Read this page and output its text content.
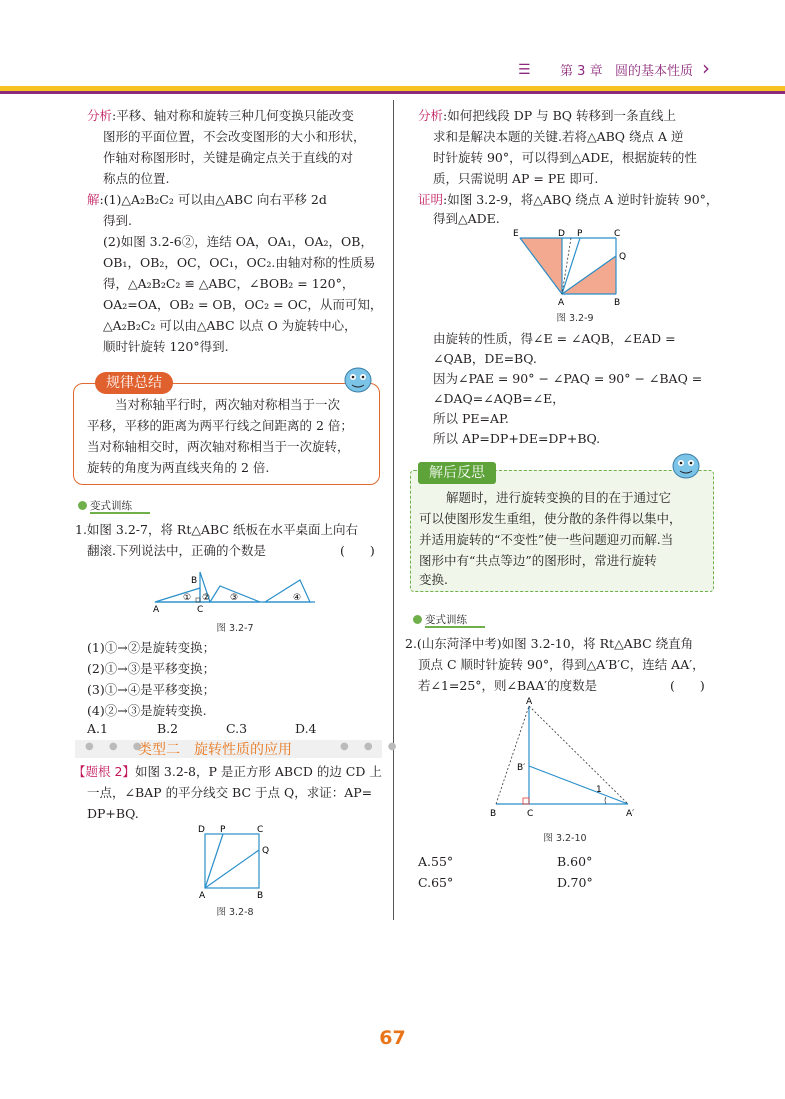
☰ 第 3 章 圆的基本性质 ›
分析:平移、轴对称和旋转三种几何变换只能改变
图形的平面位置，不会改变图形的大小和形状，
作轴对称图形时，关键是确定点关于直线的对
称点的位置.
解:(1)△A₂B₂C₂ 可以由△ABC 向右平移 2d
得到.
(2)如图 3.2-6②，连结 OA，OA₁，OA₂，OB，
OB₁，OB₂，OC，OC₁，OC₂.由轴对称的性质易
得，△A₂B₂C₂ ≌ △ABC，∠BOB₂ = 120°，
OA₂=OA，OB₂ = OB，OC₂ = OC，从而可知，
△A₂B₂C₂ 可以由△ABC 以点 O 为旋转中心，
顺时针旋转 120°得到.
规律总结
当对称轴平行时，两次轴对称相当于一次
平移，平移的距离为两平行线之间距离的 2 倍；
当对称轴相交时，两次轴对称相当于一次旋转，
旋转的角度为两直线夹角的 2 倍.
变式训练
1.如图 3.2-7，将 Rt△ABC 纸板在水平桌面上向右
翻滚.下列说法中，正确的个数是	(　　)
A
B
C
① ② ③	④
图 3.2-7
(1)①→②是旋转变换；
(2)①→③是平移变换；
(3)①→④是平移变换；
(4)②→③是旋转变换.
A.1	B.2	C.3	D.4
● ● ●	● ● ●
类型二　旋转性质的应用
【题根 2】如图 3.2-8，P 是正方形 ABCD 的边 CD 上
一点，∠BAP 的平分线交 BC 于点 Q，求证：AP=
DP+BQ.
D P	C
Q
A	B
图 3.2-8
分析:如何把线段 DP 与 BQ 转移到一条直线上
求和是解决本题的关键.若将△ABQ 绕点 A 逆
时针旋转 90°，可以得到△ADE，根据旋转的性
质，只需说明 AP = PE 即可.
证明:如图 3.2-9，将△ABQ 绕点 A 逆时针旋转 90°，
得到△ADE.
E	D P	C
Q
A	B
图 3.2-9
由旋转的性质，得∠E = ∠AQB，∠EAD =
∠QAB，DE=BQ.
因为∠PAE = 90° − ∠PAQ = 90° − ∠BAQ =
∠DAQ=∠AQB=∠E，
所以 PE=AP.
所以 AP=DP+DE=DP+BQ.
解后反思
解题时，进行旋转变换的目的在于通过它
可以使图形发生重组，使分散的条件得以集中，
并适用旋转的“不变性”使一些问题迎刃而解.当
图形中有“共点等边”的图形时，常进行旋转
变换.
变式训练
2.(山东菏泽中考)如图 3.2-10，将 Rt△ABC 绕直角
顶点 C 顺时针旋转 90°，得到△A′B′C，连结 AA′，
若∠1=25°，则∠BAA′的度数是	(　　)
A
B′
B	C	A′
1
图 3.2-10
A.55°	B.60°
C.65°	D.70°
67
